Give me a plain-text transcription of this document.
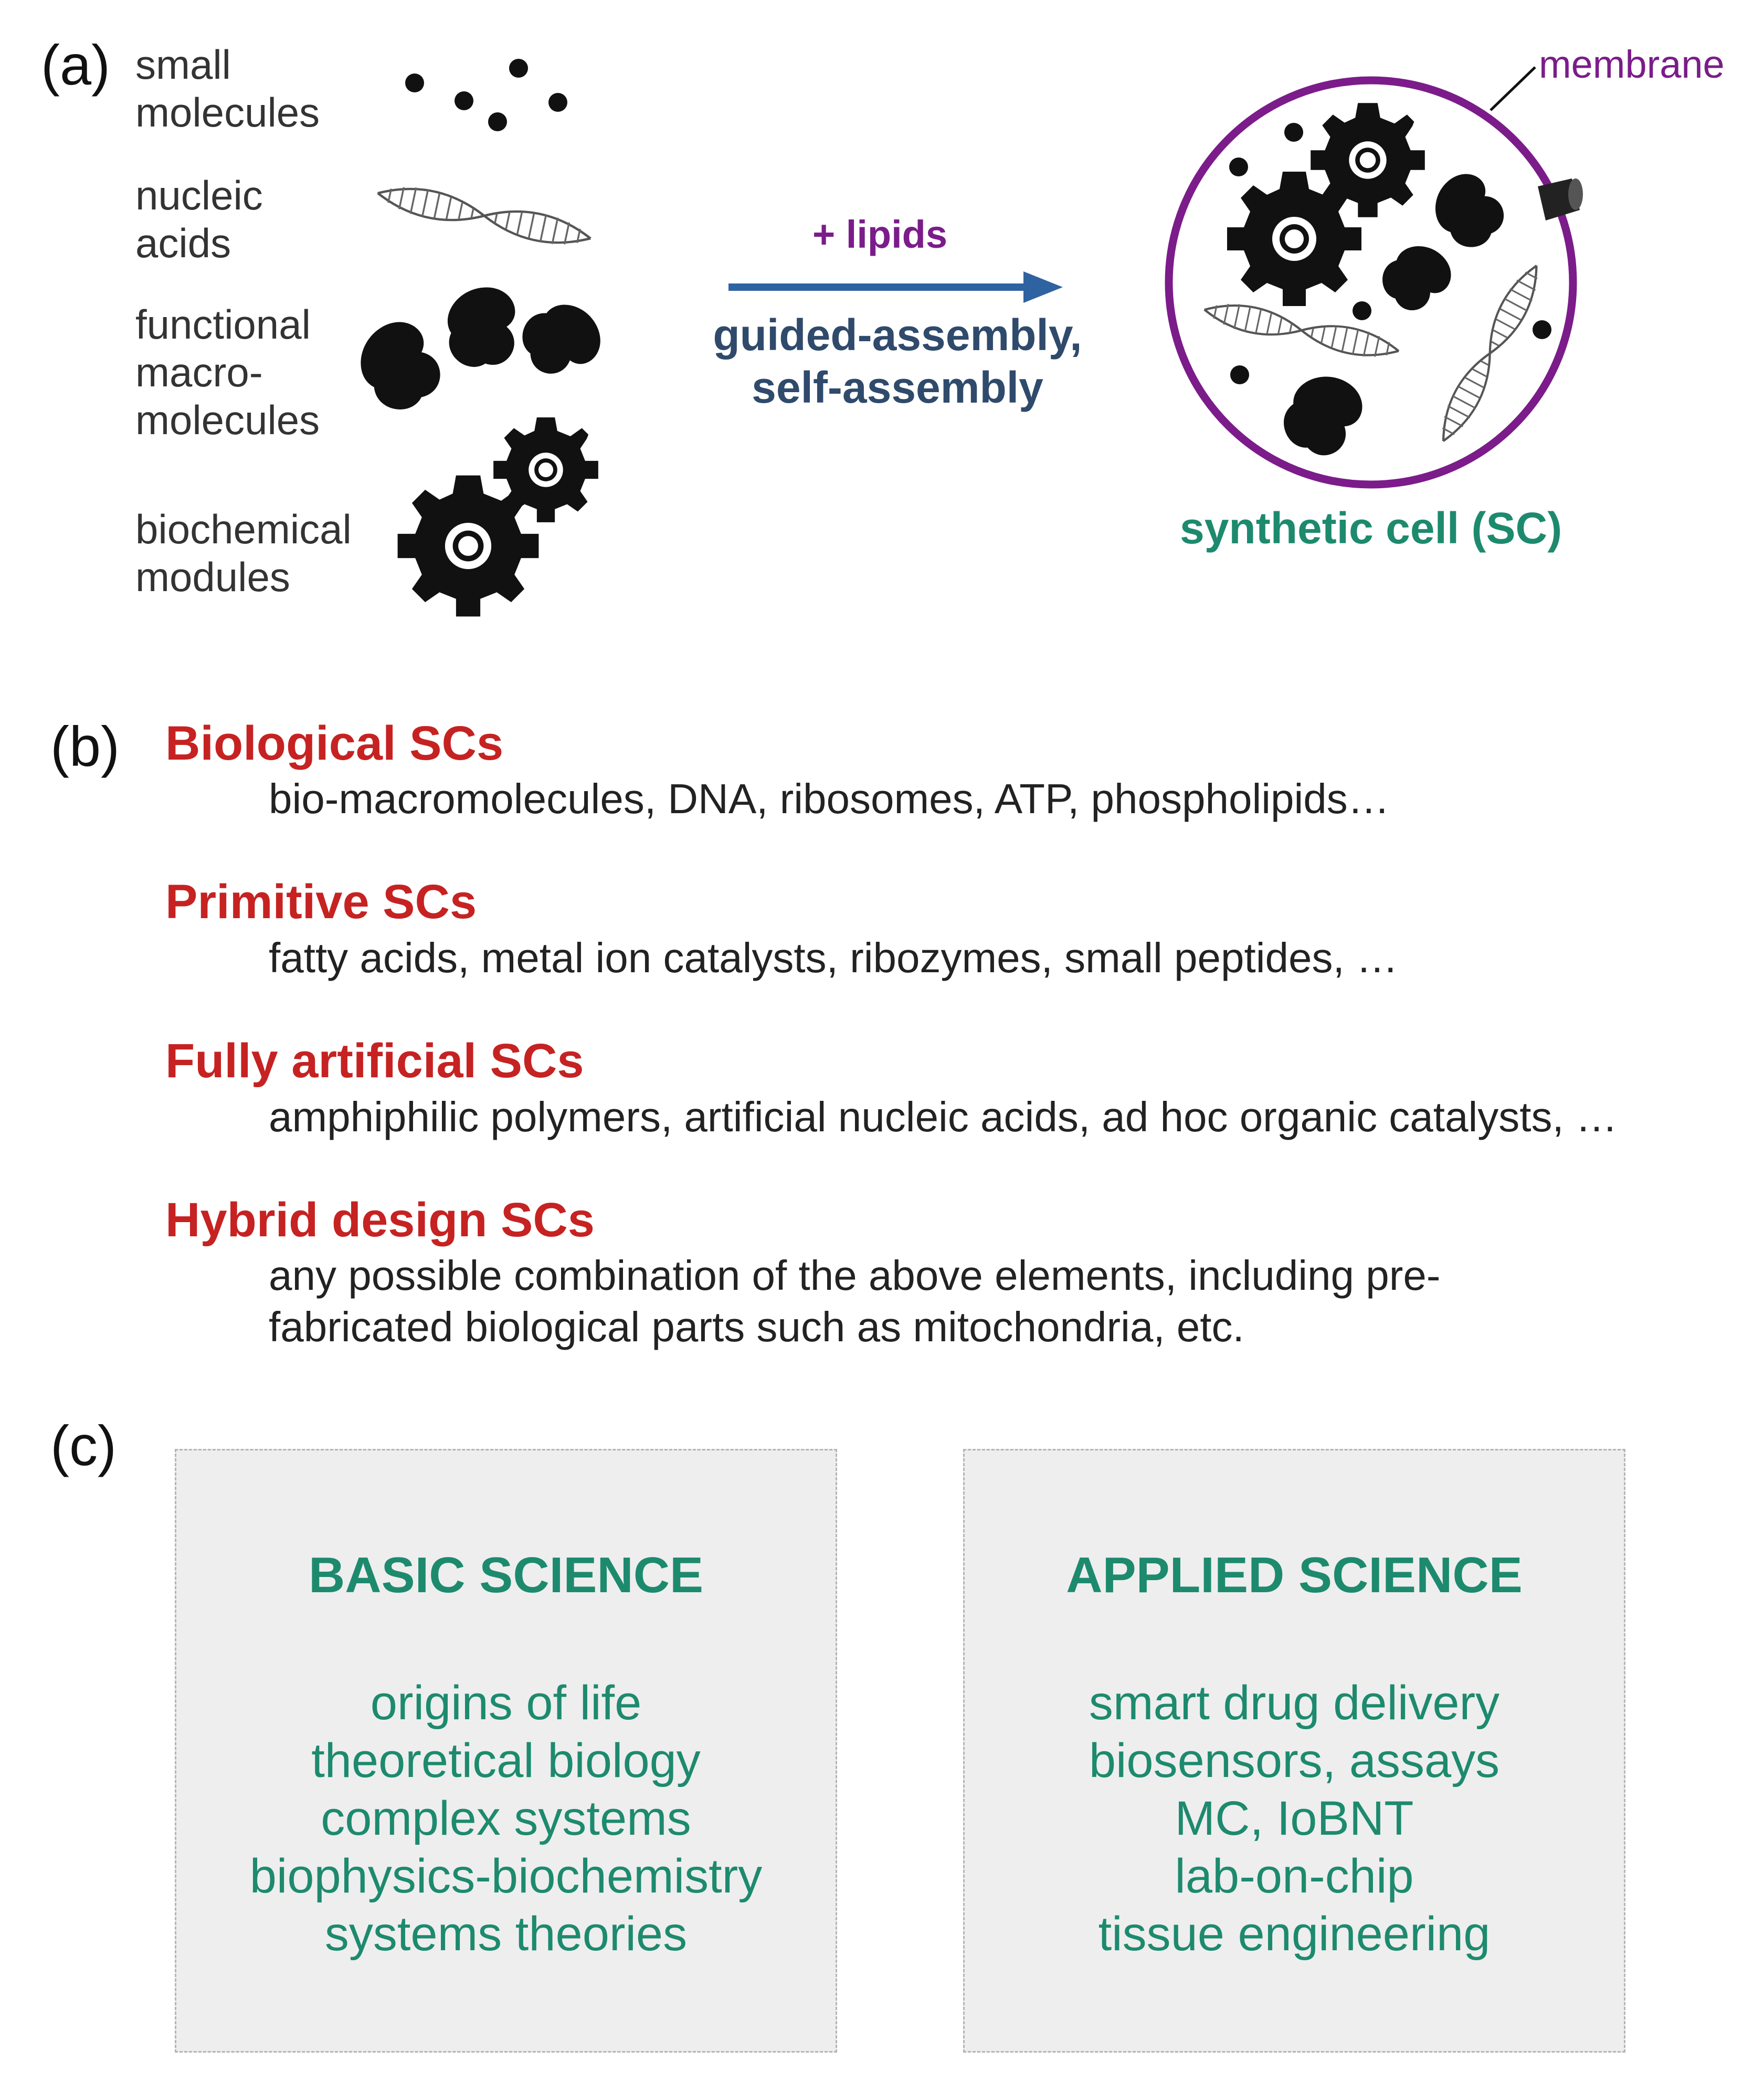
(a) small
molecules
nucleic
acids
functional
macro-
molecules
biochemical
modules
+ lipids
guided-assembly,
self-assembly
membrane
synthetic cell (SC)
(b) Biological SCs
bio-macromolecules, DNA, ribosomes, ATP, phospholipids…
Primitive SCs
fatty acids, metal ion catalysts, ribozymes, small peptides, …
Fully artificial SCs
amphiphilic polymers, artificial nucleic acids, ad hoc organic catalysts, …
Hybrid design SCs
any possible combination of the above elements, including pre-
fabricated biological parts such as mitochondria, etc.
(c)
BASIC SCIENCE
origins of life
theoretical biology
complex systems
biophysics-biochemistry
systems theories
APPLIED SCIENCE
smart drug delivery
biosensors, assays
MC, IoBNT
lab-on-chip
tissue engineering
